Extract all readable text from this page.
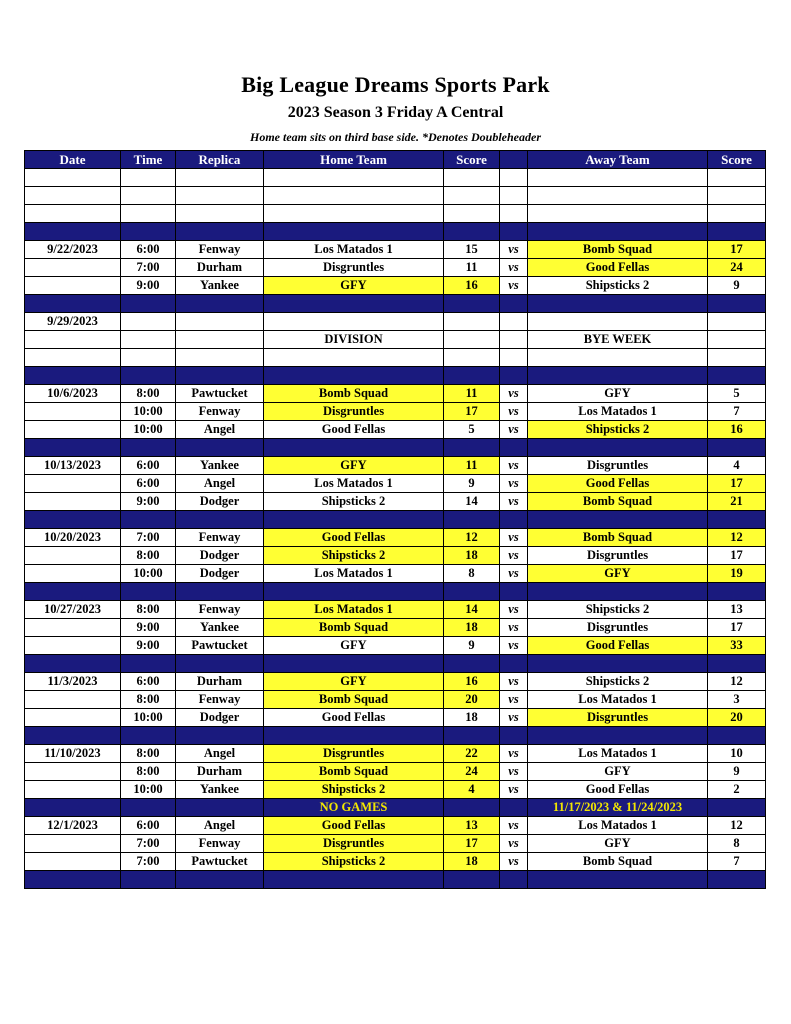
Big League Dreams Sports Park
2023 Season 3 Friday A Central
Home team sits on third base side. *Denotes Doubleheader
Date	Time	Replica	Home Team	Score		Away Team	Score

9/22/2023	6:00	Fenway	Los Matados 1	15	vs	Bomb Squad	17
	7:00	Durham	Disgruntles	11	vs	Good Fellas	24
	9:00	Yankee	GFY	16	vs	Shipsticks 2	9

9/29/2023							
			DIVISION			BYE WEEK	

10/6/2023	8:00	Pawtucket	Bomb Squad	11	vs	GFY	5
	10:00	Fenway	Disgruntles	17	vs	Los Matados 1	7
	10:00	Angel	Good Fellas	5	vs	Shipsticks 2	16

10/13/2023	6:00	Yankee	GFY	11	vs	Disgruntles	4
	6:00	Angel	Los Matados 1	9	vs	Good Fellas	17
	9:00	Dodger	Shipsticks 2	14	vs	Bomb Squad	21

10/20/2023	7:00	Fenway	Good Fellas	12	vs	Bomb Squad	12
	8:00	Dodger	Shipsticks 2	18	vs	Disgruntles	17
	10:00	Dodger	Los Matados 1	8	vs	GFY	19

10/27/2023	8:00	Fenway	Los Matados 1	14	vs	Shipsticks 2	13
	9:00	Yankee	Bomb Squad	18	vs	Disgruntles	17
	9:00	Pawtucket	GFY	9	vs	Good Fellas	33

11/3/2023	6:00	Durham	GFY	16	vs	Shipsticks 2	12
	8:00	Fenway	Bomb Squad	20	vs	Los Matados 1	3
	10:00	Dodger	Good Fellas	18	vs	Disgruntles	20

11/10/2023	8:00	Angel	Disgruntles	22	vs	Los Matados 1	10
	8:00	Durham	Bomb Squad	24	vs	GFY	9
	10:00	Yankee	Shipsticks 2	4	vs	Good Fellas	2
			NO GAMES			11/17/2023 & 11/24/2023	
12/1/2023	6:00	Angel	Good Fellas	13	vs	Los Matados 1	12
	7:00	Fenway	Disgruntles	17	vs	GFY	8
	7:00	Pawtucket	Shipsticks 2	18	vs	Bomb Squad	7
